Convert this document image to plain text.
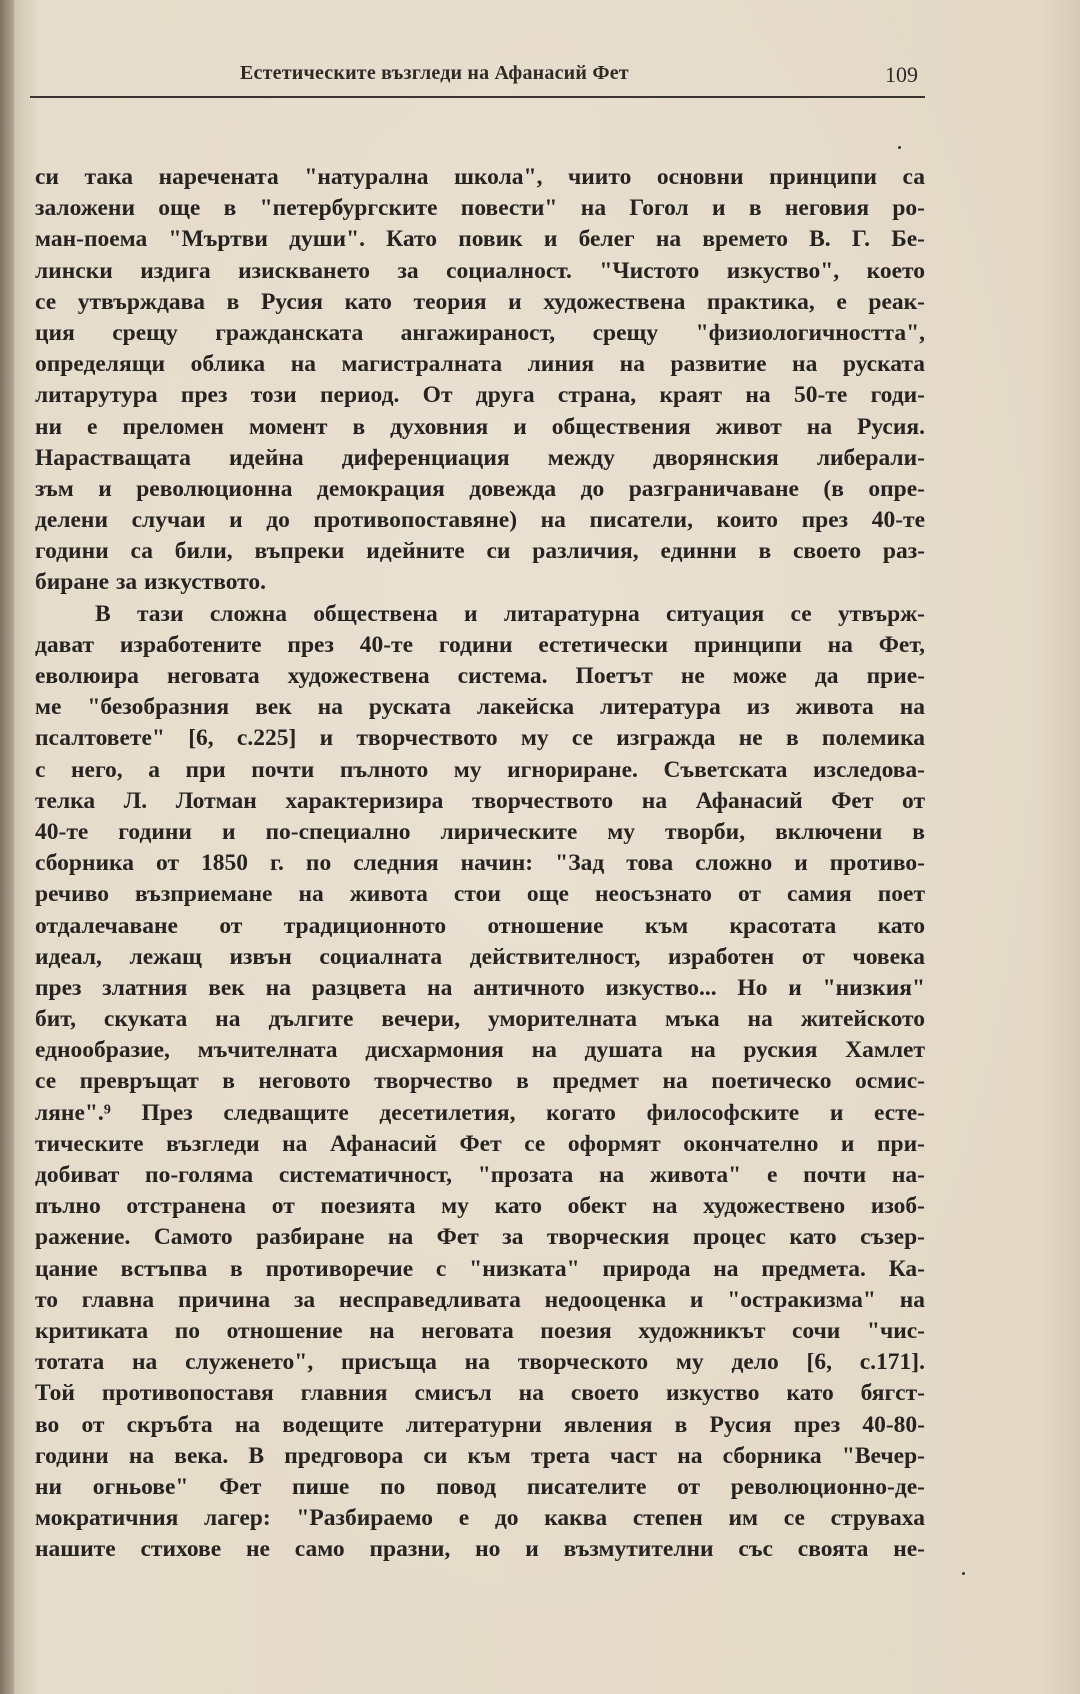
Естетическите възгледи на Афанасий Фет	109
си така наречената "натурална школа", чиито основни принципи са
заложени още в "петербургските повести" на Гогол и в неговия ро-
ман-поема "Мъртви души". Като повик и белег на времето В. Г. Бе-
лински издига изискването за социалност. "Чистото изкуство", което
се утвърждава в Русия като теория и художествена практика, е реак-
ция срещу гражданската ангажираност, срещу "физиологичността",
определящи облика на магистралната линия на развитие на руската
литарутура през този период. От друга страна, краят на 50-те годи-
ни е преломен момент в духовния и обществения живот на Русия.
Нарастващата идейна диференциация между дворянския либерали-
зъм и революционна демокрация довежда до разграничаване (в опре-
делени случаи и до противопоставяне) на писатели, които през 40-те
години са били, въпреки идейните си различия, единни в своето раз-
биране за изкуството.
В тази сложна обществена и литаратурна ситуация се утвърж-
дават изработените през 40-те години естетически принципи на Фет,
еволюира неговата художествена система. Поетът не може да прие-
ме "безобразния век на руската лакейска литература из живота на
псалтовете" [6, с.225] и творчеството му се изгражда не в полемика
с него, а при почти пълното му игнориране. Съветската изследова-
телка Л. Лотман характеризира творчеството на Афанасий Фет от
40-те години и по-специално лирическите му творби, включени в
сборника от 1850 г. по следния начин: "Зад това сложно и противо-
речиво възприемане на живота стои още неосъзнато от самия поет
отдалечаване от традиционното отношение към красотата като
идеал, лежащ извън социалната действителност, изработен от човека
през златния век на разцвета на античното изкуство... Но и "низкия"
бит, скуката на дългите вечери, уморителната мъка на житейското
еднообразие, мъчителната дисхармония на душата на руския Хамлет
се превръщат в неговото творчество в предмет на поетическо осмис-
ляне".⁹ През следващите десетилетия, когато философските и есте-
тическите възгледи на Афанасий Фет се оформят окончателно и при-
добиват по-голяма систематичност, "прозата на живота" е почти на-
пълно отстранена от поезията му като обект на художествено изоб-
ражение. Самото разбиране на Фет за творческия процес като съзер-
цание встъпва в противоречие с "низката" природа на предмета. Ка-
то главна причина за несправедливата недооценка и "остракизма" на
критиката по отношение на неговата поезия художникът сочи "чис-
тотата на служенето", присъща на творческото му дело [6, с.171].
Той противопоставя главния смисъл на своето изкуство като бягст-
во от скръбта на водещите литературни явления в Русия през 40-80-
години на века. В предговора си към трета част на сборника "Вечер-
ни огньове" Фет пише по повод писателите от революционно-де-
мократичния лагер: "Разбираемо е до каква степен им се струваха
нашите стихове не само празни, но и възмутителни със своята не-
